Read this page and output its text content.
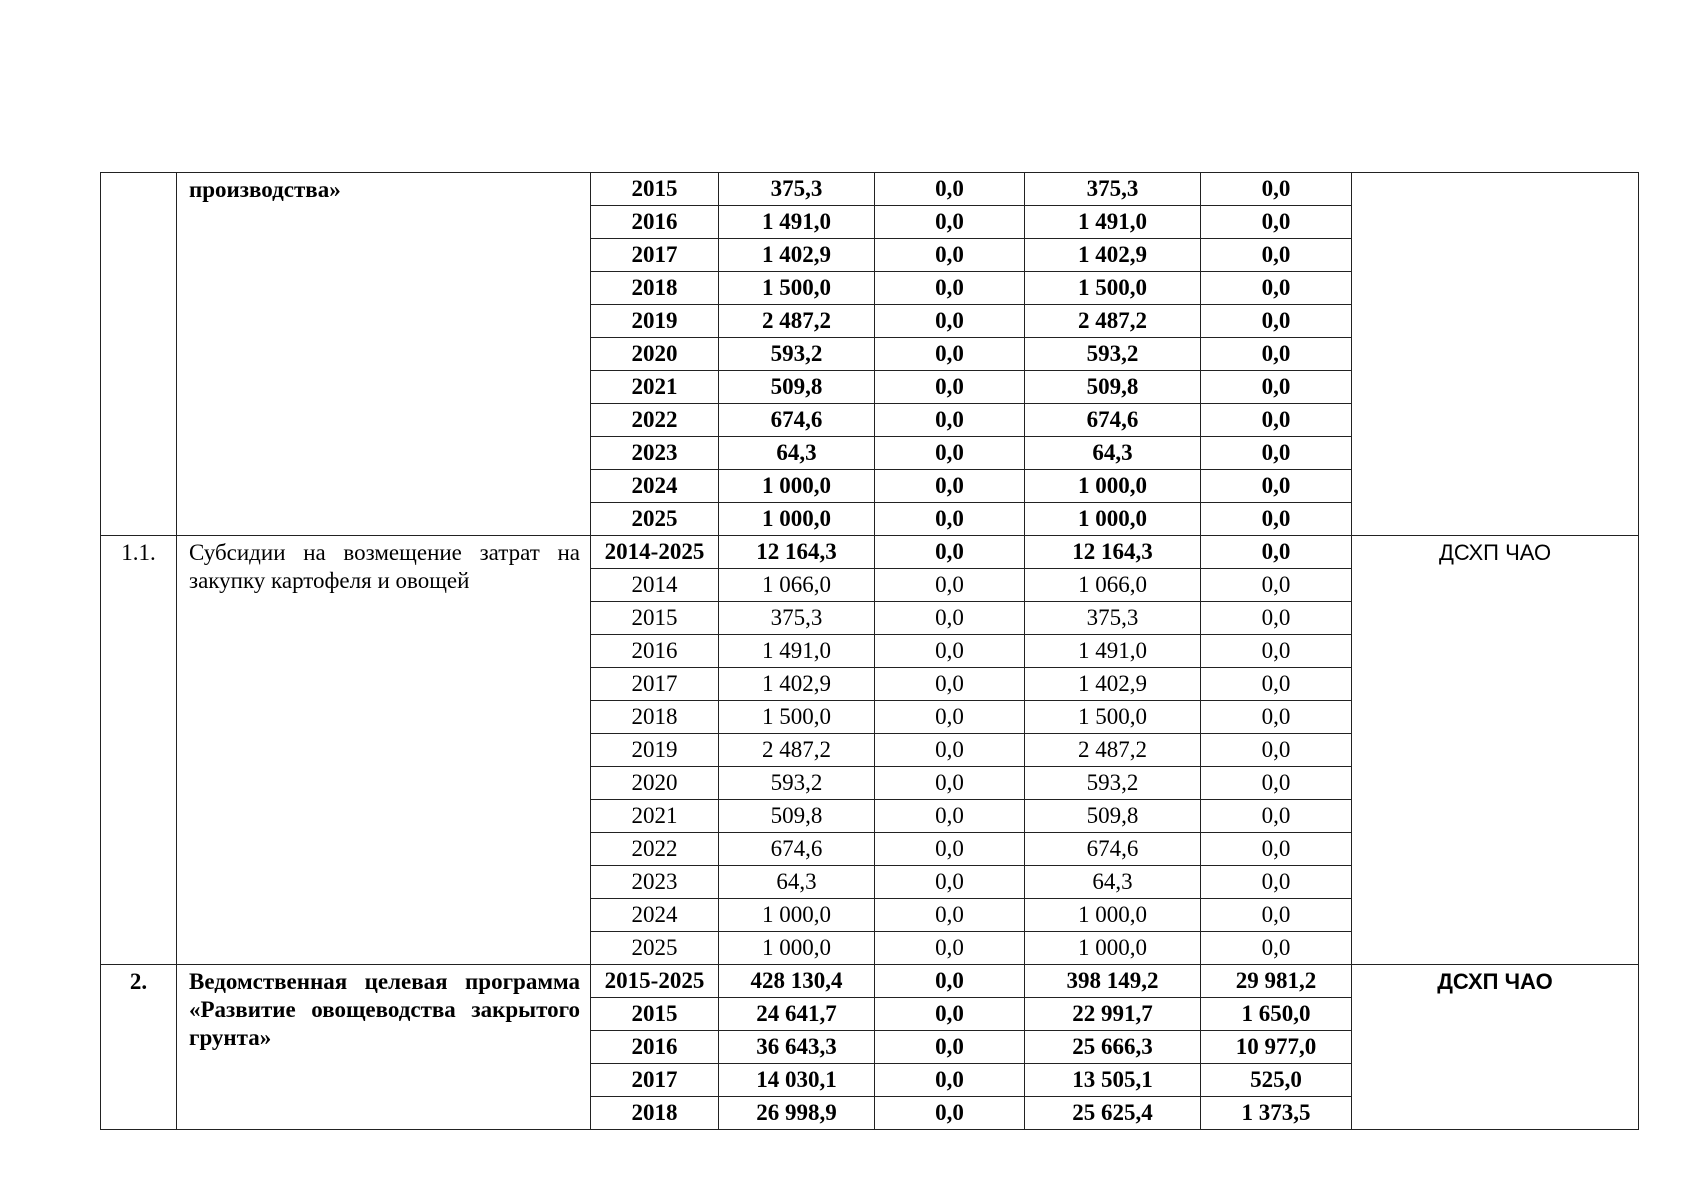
	производства»	2015	375,3	0,0	375,3	0,0	
		2016	1 491,0	0,0	1 491,0	0,0	
		2017	1 402,9	0,0	1 402,9	0,0	
		2018	1 500,0	0,0	1 500,0	0,0	
		2019	2 487,2	0,0	2 487,2	0,0	
		2020	593,2	0,0	593,2	0,0	
		2021	509,8	0,0	509,8	0,0	
		2022	674,6	0,0	674,6	0,0	
		2023	64,3	0,0	64,3	0,0	
		2024	1 000,0	0,0	1 000,0	0,0	
		2025	1 000,0	0,0	1 000,0	0,0	
1.1.	Субсидии на возмещение затрат на закупку картофеля и овощей	2014-2025	12 164,3	0,0	12 164,3	0,0	ДСХП ЧАО
		2014	1 066,0	0,0	1 066,0	0,0	
		2015	375,3	0,0	375,3	0,0	
		2016	1 491,0	0,0	1 491,0	0,0	
		2017	1 402,9	0,0	1 402,9	0,0	
		2018	1 500,0	0,0	1 500,0	0,0	
		2019	2 487,2	0,0	2 487,2	0,0	
		2020	593,2	0,0	593,2	0,0	
		2021	509,8	0,0	509,8	0,0	
		2022	674,6	0,0	674,6	0,0	
		2023	64,3	0,0	64,3	0,0	
		2024	1 000,0	0,0	1 000,0	0,0	
		2025	1 000,0	0,0	1 000,0	0,0	
2.	Ведомственная целевая программа «Развитие овощеводства закрытого грунта»	2015-2025	428 130,4	0,0	398 149,2	29 981,2	ДСХП ЧАО
		2015	24 641,7	0,0	22 991,7	1 650,0	
		2016	36 643,3	0,0	25 666,3	10 977,0	
		2017	14 030,1	0,0	13 505,1	525,0	
		2018	26 998,9	0,0	25 625,4	1 373,5	
